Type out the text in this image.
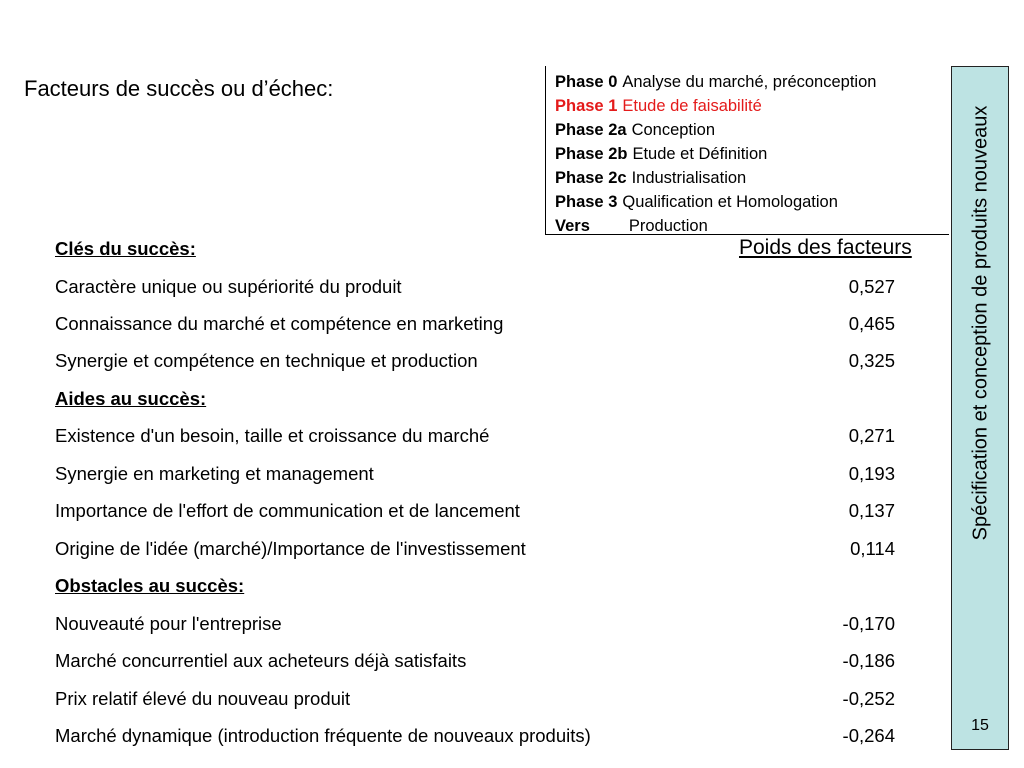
Facteurs de succès ou d’échec:	Phase 0 Analyse du marché, préconception
Phase 1 Etude de faisabilité
Phase 2a Conception
Phase 2b Etude et Définition
Phase 2c Industrialisation
Phase 3 Qualification et Homologation
Vers Production	Spécification et conception de produits nouveaux
15
Poids des facteurs
Clés du succès:
Caractère unique ou supériorité du produit	0,527
Connaissance du marché et compétence en marketing	0,465
Synergie et compétence en technique et production	0,325
Aides au succès:
Existence d'un besoin, taille et croissance du marché	0,271
Synergie en marketing et management	0,193
Importance de l'effort de communication et de lancement	0,137
Origine de l'idée (marché)/Importance de l'investissement	0,114
Obstacles au succès:
Nouveauté pour l'entreprise	-0,170
Marché concurrentiel aux acheteurs déjà satisfaits	-0,186
Prix relatif élevé du nouveau produit	-0,252
Marché dynamique (introduction fréquente de nouveaux produits)	-0,264
